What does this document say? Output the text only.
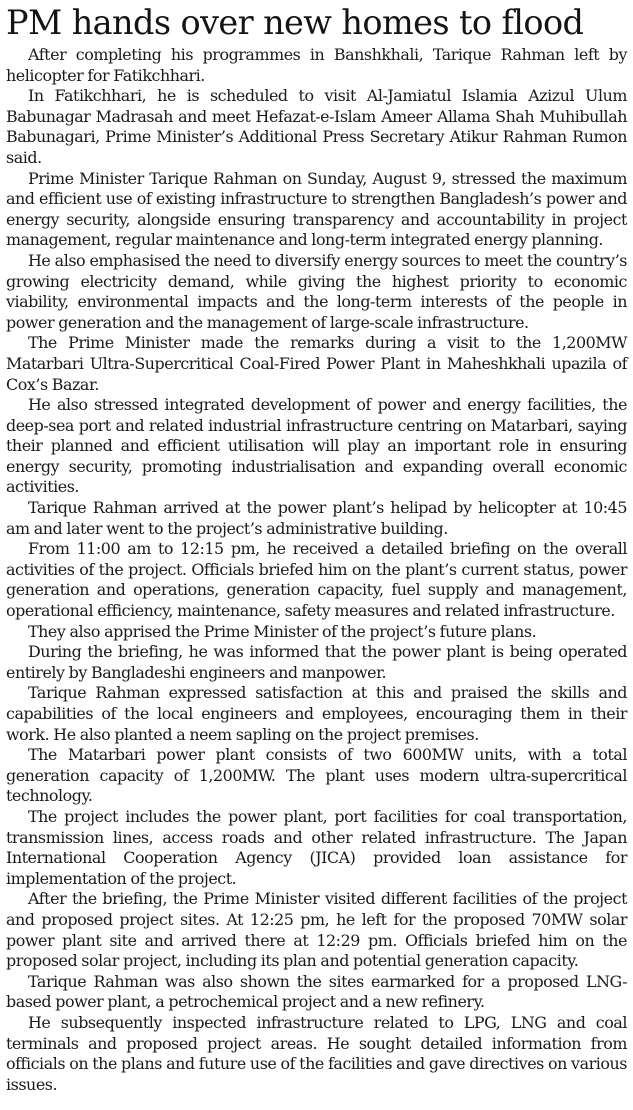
PM hands over new homes to flood

After completing his programmes in Banshkhali, Tarique Rahman left by helicopter for Fatikchhari.

In Fatikchhari, he is scheduled to visit Al-Jamiatul Islamia Azizul Ulum Babunagar Madrasah and meet Hefazat-e-Islam Ameer Allama Shah Muhibullah Babunagari, Prime Minister’s Additional Press Secretary Atikur Rahman Rumon said.

Prime Minister Tarique Rahman on Sunday, August 9, stressed the maximum and efficient use of existing infrastructure to strengthen Bangladesh’s power and energy security, alongside ensuring transparency and accountability in project management, regular maintenance and long-term integrated energy planning.

He also emphasised the need to diversify energy sources to meet the country’s growing electricity demand, while giving the highest priority to economic viability, environmental impacts and the long-term interests of the people in power generation and the management of large-scale infrastructure.

The Prime Minister made the remarks during a visit to the 1,200MW Matarbari Ultra-Supercritical Coal-Fired Power Plant in Maheshkhali upazila of Cox’s Bazar.

He also stressed integrated development of power and energy facilities, the deep-sea port and related industrial infrastructure centring on Matarbari, saying their planned and efficient utilisation will play an important role in ensuring energy security, promoting industrialisation and expanding overall economic activities.

Tarique Rahman arrived at the power plant’s helipad by helicopter at 10:45 am and later went to the project’s administrative building.

From 11:00 am to 12:15 pm, he received a detailed briefing on the overall activities of the project. Officials briefed him on the plant’s current status, power generation and operations, generation capacity, fuel supply and management, operational efficiency, maintenance, safety measures and related infrastructure.

They also apprised the Prime Minister of the project’s future plans.

During the briefing, he was informed that the power plant is being operated entirely by Bangladeshi engineers and manpower.

Tarique Rahman expressed satisfaction at this and praised the skills and capabilities of the local engineers and employees, encouraging them in their work. He also planted a neem sapling on the project premises.

The Matarbari power plant consists of two 600MW units, with a total generation capacity of 1,200MW. The plant uses modern ultra-supercritical technology.

The project includes the power plant, port facilities for coal transportation, transmission lines, access roads and other related infrastructure. The Japan International Cooperation Agency (JICA) provided loan assistance for implementation of the project.

After the briefing, the Prime Minister visited different facilities of the project and proposed project sites. At 12:25 pm, he left for the proposed 70MW solar power plant site and arrived there at 12:29 pm. Officials briefed him on the proposed solar project, including its plan and potential generation capacity.

Tarique Rahman was also shown the sites earmarked for a proposed LNG-based power plant, a petrochemical project and a new refinery.

He subsequently inspected infrastructure related to LPG, LNG and coal terminals and proposed project areas. He sought detailed information from officials on the plans and future use of the facilities and gave directives on various issues.
